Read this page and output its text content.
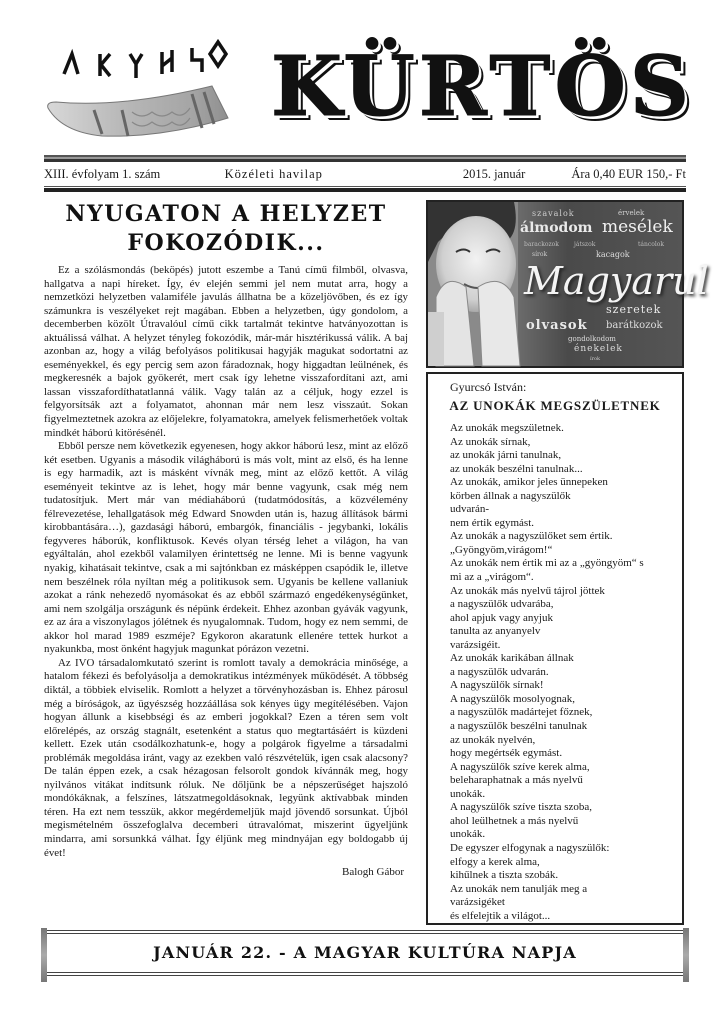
KÜRTÖS
XIII. évfolyam 1. szám	Közéleti havilap	2015. január	Ára 0,40 EUR 150,- Ft
NYUGATON A HELYZET
FOKOZÓDIK...

Ez a szólásmondás (beköpés) jutott eszembe a Tanú című filmből, olvasva, hallgatva a napi híreket. Így, év elején semmi jel nem mutat arra, hogy a nemzetközi helyzetben valamiféle javulás állhatna be a közeljövőben, és ez így számunkra is veszélyeket rejt magában. Ebben a helyzetben, úgy gondolom, a decemberben közölt Útravalóul című cikk tartalmát tekintve hatványozottan is aktuálissá válhat. A helyzet tényleg fokozódik, már-már hisztérikussá válik. A baj azonban az, hogy a világ befolyásos politikusai hagyják magukat sodortatni az eseményekkel, és egy percig sem azon fáradoznak, hogy higgadtan leülnének, és megkeresnék a bajok gyökerét, mert csak így lehetne visszafordítani azt, ami lassan visszafordíthatatlanná válik. Vagy talán az a céljuk, hogy ezzel is felgyorsítsák azt a folyamatot, ahonnan már nem lesz visszaút. Sokan figyelmeztetnek azokra az előjelekre, folyamatokra, amelyek felismerhetőek voltak mindkét háború kitörésénél.

Ebből persze nem következik egyenesen, hogy akkor háború lesz, mint az előző két esetben. Ugyanis a második világháború is más volt, mint az első, és ha lenne is egy harmadik, azt is másként vívnák meg, mint az előző kettőt. A világ eseményeit tekintve az is lehet, hogy már benne vagyunk, csak még nem tudatosítjuk. Mert már van médiaháború (tudatmódosítás, a közvélemény félrevezetése, lehallgatások még Edward Snowden után is, hazug állítások bármi kirobbantására…), gazdasági háború, embargók, financiális - jegybanki, lokális fegyveres háborúk, konfliktusok. Kevés olyan térség lehet a világon, ha van egyáltalán, ahol ezekből valamilyen érintettség ne lenne. Mi is benne vagyunk nyakig, kihatásait tekintve, csak a mi sajtónkban ez másképpen csapódik le, illetve nem beszélnek róla nyíltan még a politikusok sem. Ugyanis be kellene vallaniuk azokat a ránk nehezedő nyomásokat és az ebből származó engedékenységünket, ami nem szolgálja országunk és népünk érdekeit. Ehhez azonban gyávák vagyunk, ez az ára a viszonylagos jólétnek és nyugalomnak. Tudom, hogy ez nem semmi, de akkor hol marad 1989 eszméje? Egykoron akaratunk ellenére tettek hurkot a nyakunkba, most önként hagyjuk magunkat pórázon vezetni.

Az IVO társadalomkutató szerint is romlott tavaly a demokrácia minősége, a hatalom fékezi és befolyásolja a demokratikus intézmények működését. A többség diktál, a többiek elviselik. Romlott a helyzet a törvényhozásban is. Ehhez párosul még a bíróságok, az ügyészség hozzáállása sok kényes ügy megítélésében. Vajon hogyan állunk a kisebbségi és az emberi jogokkal? Ezen a téren sem volt előrelépés, az ország stagnált, esetenként a status quo megtartásáért is küzdeni kellett. Ezek után csodálkozhatunk-e, hogy a polgárok figyelme a társadalmi problémák megoldása iránt, vagy az ezekben való részvételük, igen csak alacsony? De talán éppen ezek, a csak hézagosan felsorolt gondok kívánnák meg, hogy nyilvános vitákat indítsunk róluk. Ne dőljünk be a népszerűséget hajszoló mondókáknak, a felszínes, látszatmegoldásoknak, legyünk aktívabbak minden téren. Ha ezt nem tesszük, akkor megérdemeljük majd jövendő sorsunkat. Újból megismételném összefoglalva decemberi útravalómat, miszerint ügyeljünk mindarra, ami sorsunkká válhat. Így éljünk meg mindnyájan egy boldogabb új évet!

Balogh Gábor
szavalok	érvelek
álmodom mesélek
barackozok	játszok	táncolok
sírok	kacagok
Magyarul
szeretek
olvasok barátkozok
gondolkodom
énekelek
írok
Gyurcsó István:
AZ UNOKÁK MEGSZÜLETNEK
Az unokák megszületnek.
Az unokák sírnak,
az unokák járni tanulnak,
az unokák beszélni tanulnak...
Az unokák, amikor jeles ünnepeken
körben állnak a nagyszülők
udvarán-
nem értik egymást.
Az unokák a nagyszülőket sem értik.
„Gyöngyöm,virágom!“
Az unokák nem értik mi az a „gyöngyöm“ s
mi az a „virágom“.
Az unokák más nyelvű tájrol jöttek
a nagyszülők udvarába,
ahol apjuk vagy anyjuk
tanulta az anyanyelv
varázsigéit.
Az unokák karikában állnak
a nagyszülők udvarán.
A nagyszülők sírnak!
A nagyszülők mosolyognak,
a nagyszülők madártejet főznek,
a nagyszülők beszélni tanulnak
az unokák nyelvén,
hogy megértsék egymást.
A nagyszülők szíve kerek alma,
beleharaphatnak a más nyelvű
unokák.
A nagyszülők szíve tiszta szoba,
ahol leülhetnek a más nyelvű
unokák.
De egyszer elfogynak a nagyszülők:
elfogy a kerek alma,
kihűlnek a tiszta szobák.
Az unokák nem tanulják meg a
varázsigéket
és elfelejtik a világot...
JANUÁR 22. - A MAGYAR KULTÚRA NAPJA
